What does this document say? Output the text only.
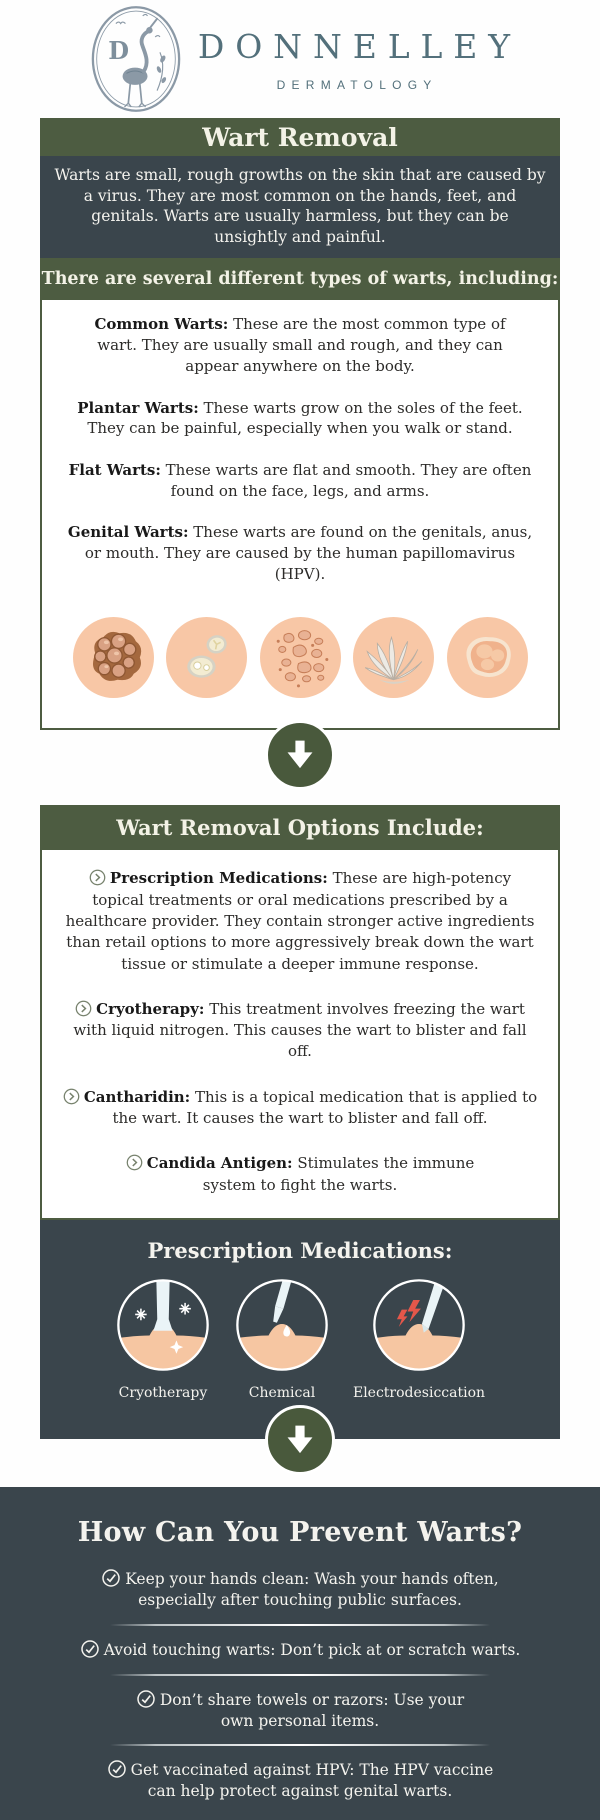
D DONNELLEY
DERMATOLOGY
Wart Removal

Warts are small, rough growths on the skin that are caused by a virus. They are most common on the hands, feet, and genitals. Warts are usually harmless, but they can be unsightly and painful.

There are several different types of warts, including:

Common Warts: These are the most common type of wart. They are usually small and rough, and they can appear anywhere on the body.

Plantar Warts: These warts grow on the soles of the feet. They can be painful, especially when you walk or stand.

Flat Warts: These warts are flat and smooth. They are often found on the face, legs, and arms.

Genital Warts: These warts are found on the genitals, anus, or mouth. They are caused by the human papillomavirus (HPV).

Wart Removal Options Include:

Prescription Medications: These are high-potency topical treatments or oral medications prescribed by a healthcare provider. They contain stronger active ingredients than retail options to more aggressively break down the wart tissue or stimulate a deeper immune response.

Cryotherapy: This treatment involves freezing the wart with liquid nitrogen. This causes the wart to blister and fall off.

Cantharidin: This is a topical medication that is applied to the wart. It causes the wart to blister and fall off.

Candida Antigen: Stimulates the immune system to fight the warts.

Prescription Medications:
Cryotherapy	Chemical	Electrodesiccation
How Can You Prevent Warts?

Keep your hands clean: Wash your hands often, especially after touching public surfaces.

Avoid touching warts: Don’t pick at or scratch warts.

Don’t share towels or razors: Use your own personal items.

Get vaccinated against HPV: The HPV vaccine can help protect against genital warts.
